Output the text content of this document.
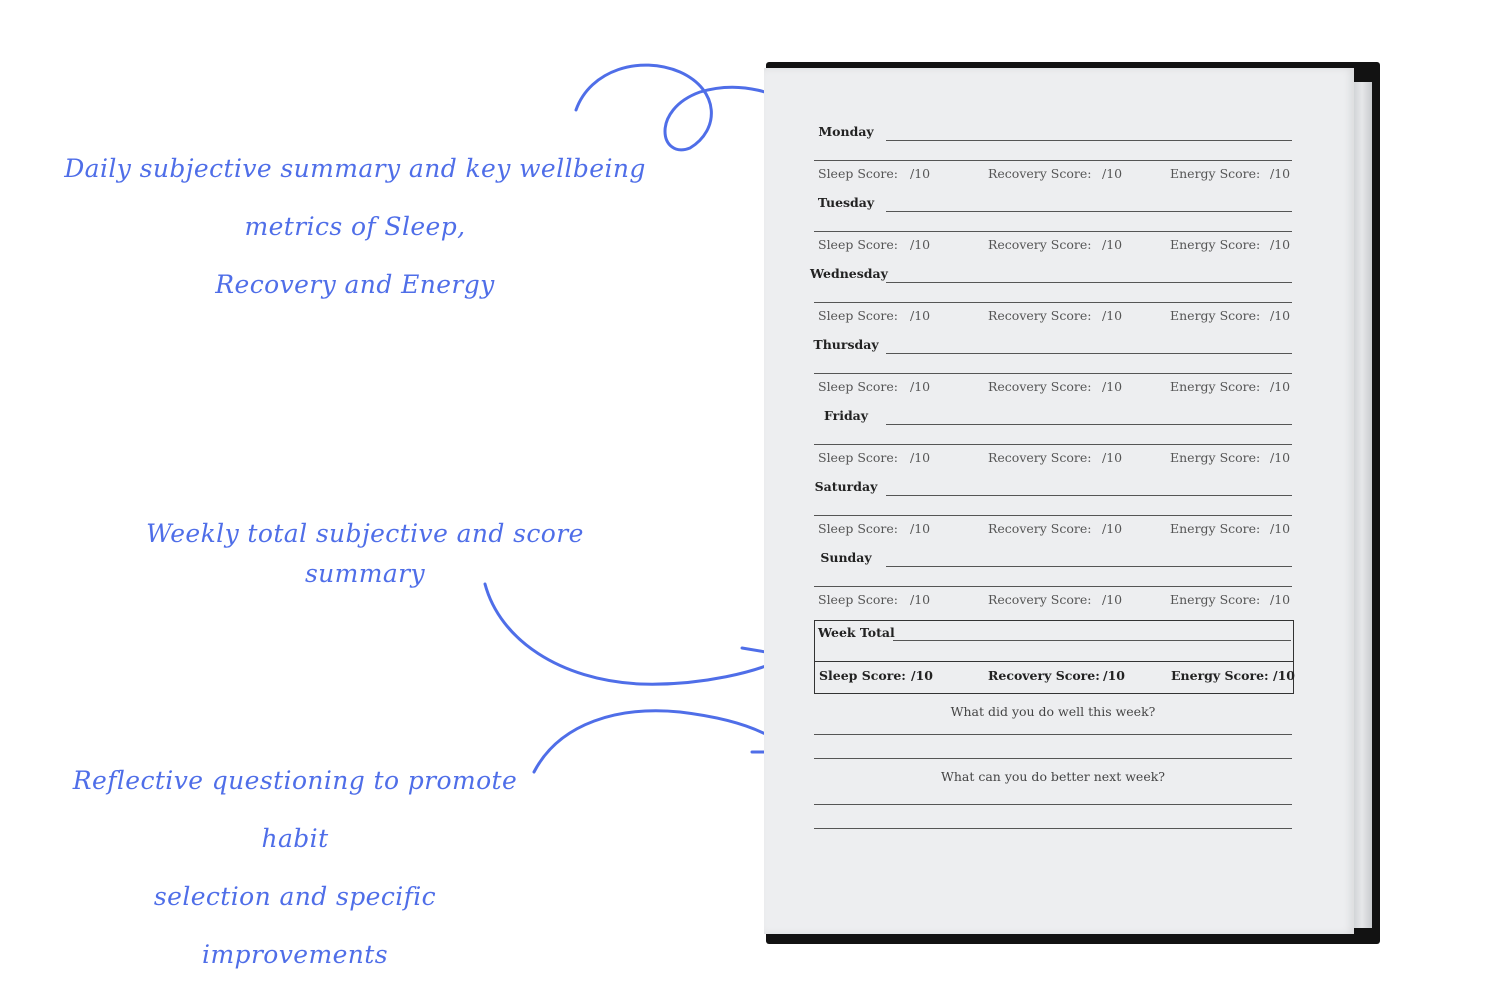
Daily subjective summary and key wellbeing metrics of Sleep,
Recovery and Energy
Weekly total subjective and score summary
Reflective questioning to promote habit
selection and specific improvements
Monday
Sleep Score: /10	Recovery Score: /10	Energy Score: /10
Tuesday
Sleep Score: /10	Recovery Score: /10	Energy Score: /10
Wednesday
Sleep Score: /10	Recovery Score: /10	Energy Score: /10
Thursday
Sleep Score: /10	Recovery Score: /10	Energy Score: /10
Friday
Sleep Score: /10	Recovery Score: /10	Energy Score: /10
Saturday
Sleep Score: /10	Recovery Score: /10	Energy Score: /10
Sunday
Sleep Score: /10	Recovery Score: /10	Energy Score: /10
Week Total
Sleep Score: /10	Recovery Score: /10	Energy Score: /10
What did you do well this week?
What can you do better next week?
